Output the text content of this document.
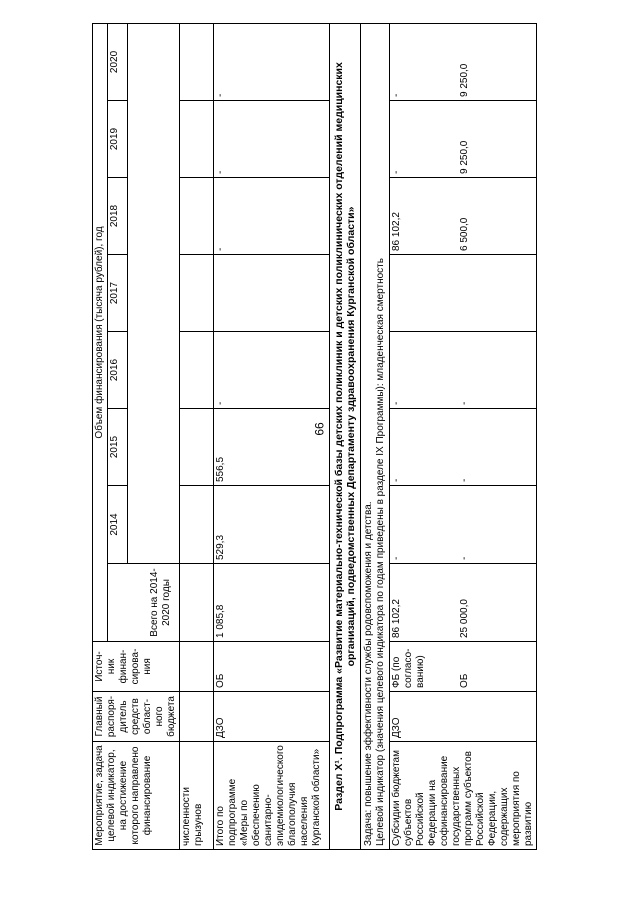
66
Мероприятие, задача целевой индикатор, на достижение которого направлено финансирование	Главный распоря-дитель средств област-ного бюджета	Источ-ник финан-сирова-ния	Объем финансирования (тысяча рублей), год							
			Всего на 2014-2020 годы	2014	2015	2016	2017	2018	2019	2020

численности грызунов										
Итого по подпрограмме «Меры по обеспечению санитарно-эпидемиологического благополучия населения Курганской области»	ДЗО	ОБ	1 085,8	529,3	556,5	-		-	-	-
Раздел X¹. Подпрограмма «Развитие материально-технической базы детских поликлиник и детских поликлинических отделений медицинских организаций, подведомственных Департаменту здравоохранения Курганской области»										

Задача: повышение эффективности службы родовспоможения и детства. Целевой индикатор (значения целевого индикатора по годам приведены в разделе IX Программы): младенческая смертность										

Субсидии бюджетам субъектов Российской Федерации на софинансирование государственных программ субъектов Российской Федерации, содержащих мероприятия по развитию	ДЗО	ФБ (по согласо-ванию)	86 102,2	-	-	-		86 102,2	-	-
		ОБ	25 000,0	-	-	-		6 500,0	9 250,0	9 250,0
